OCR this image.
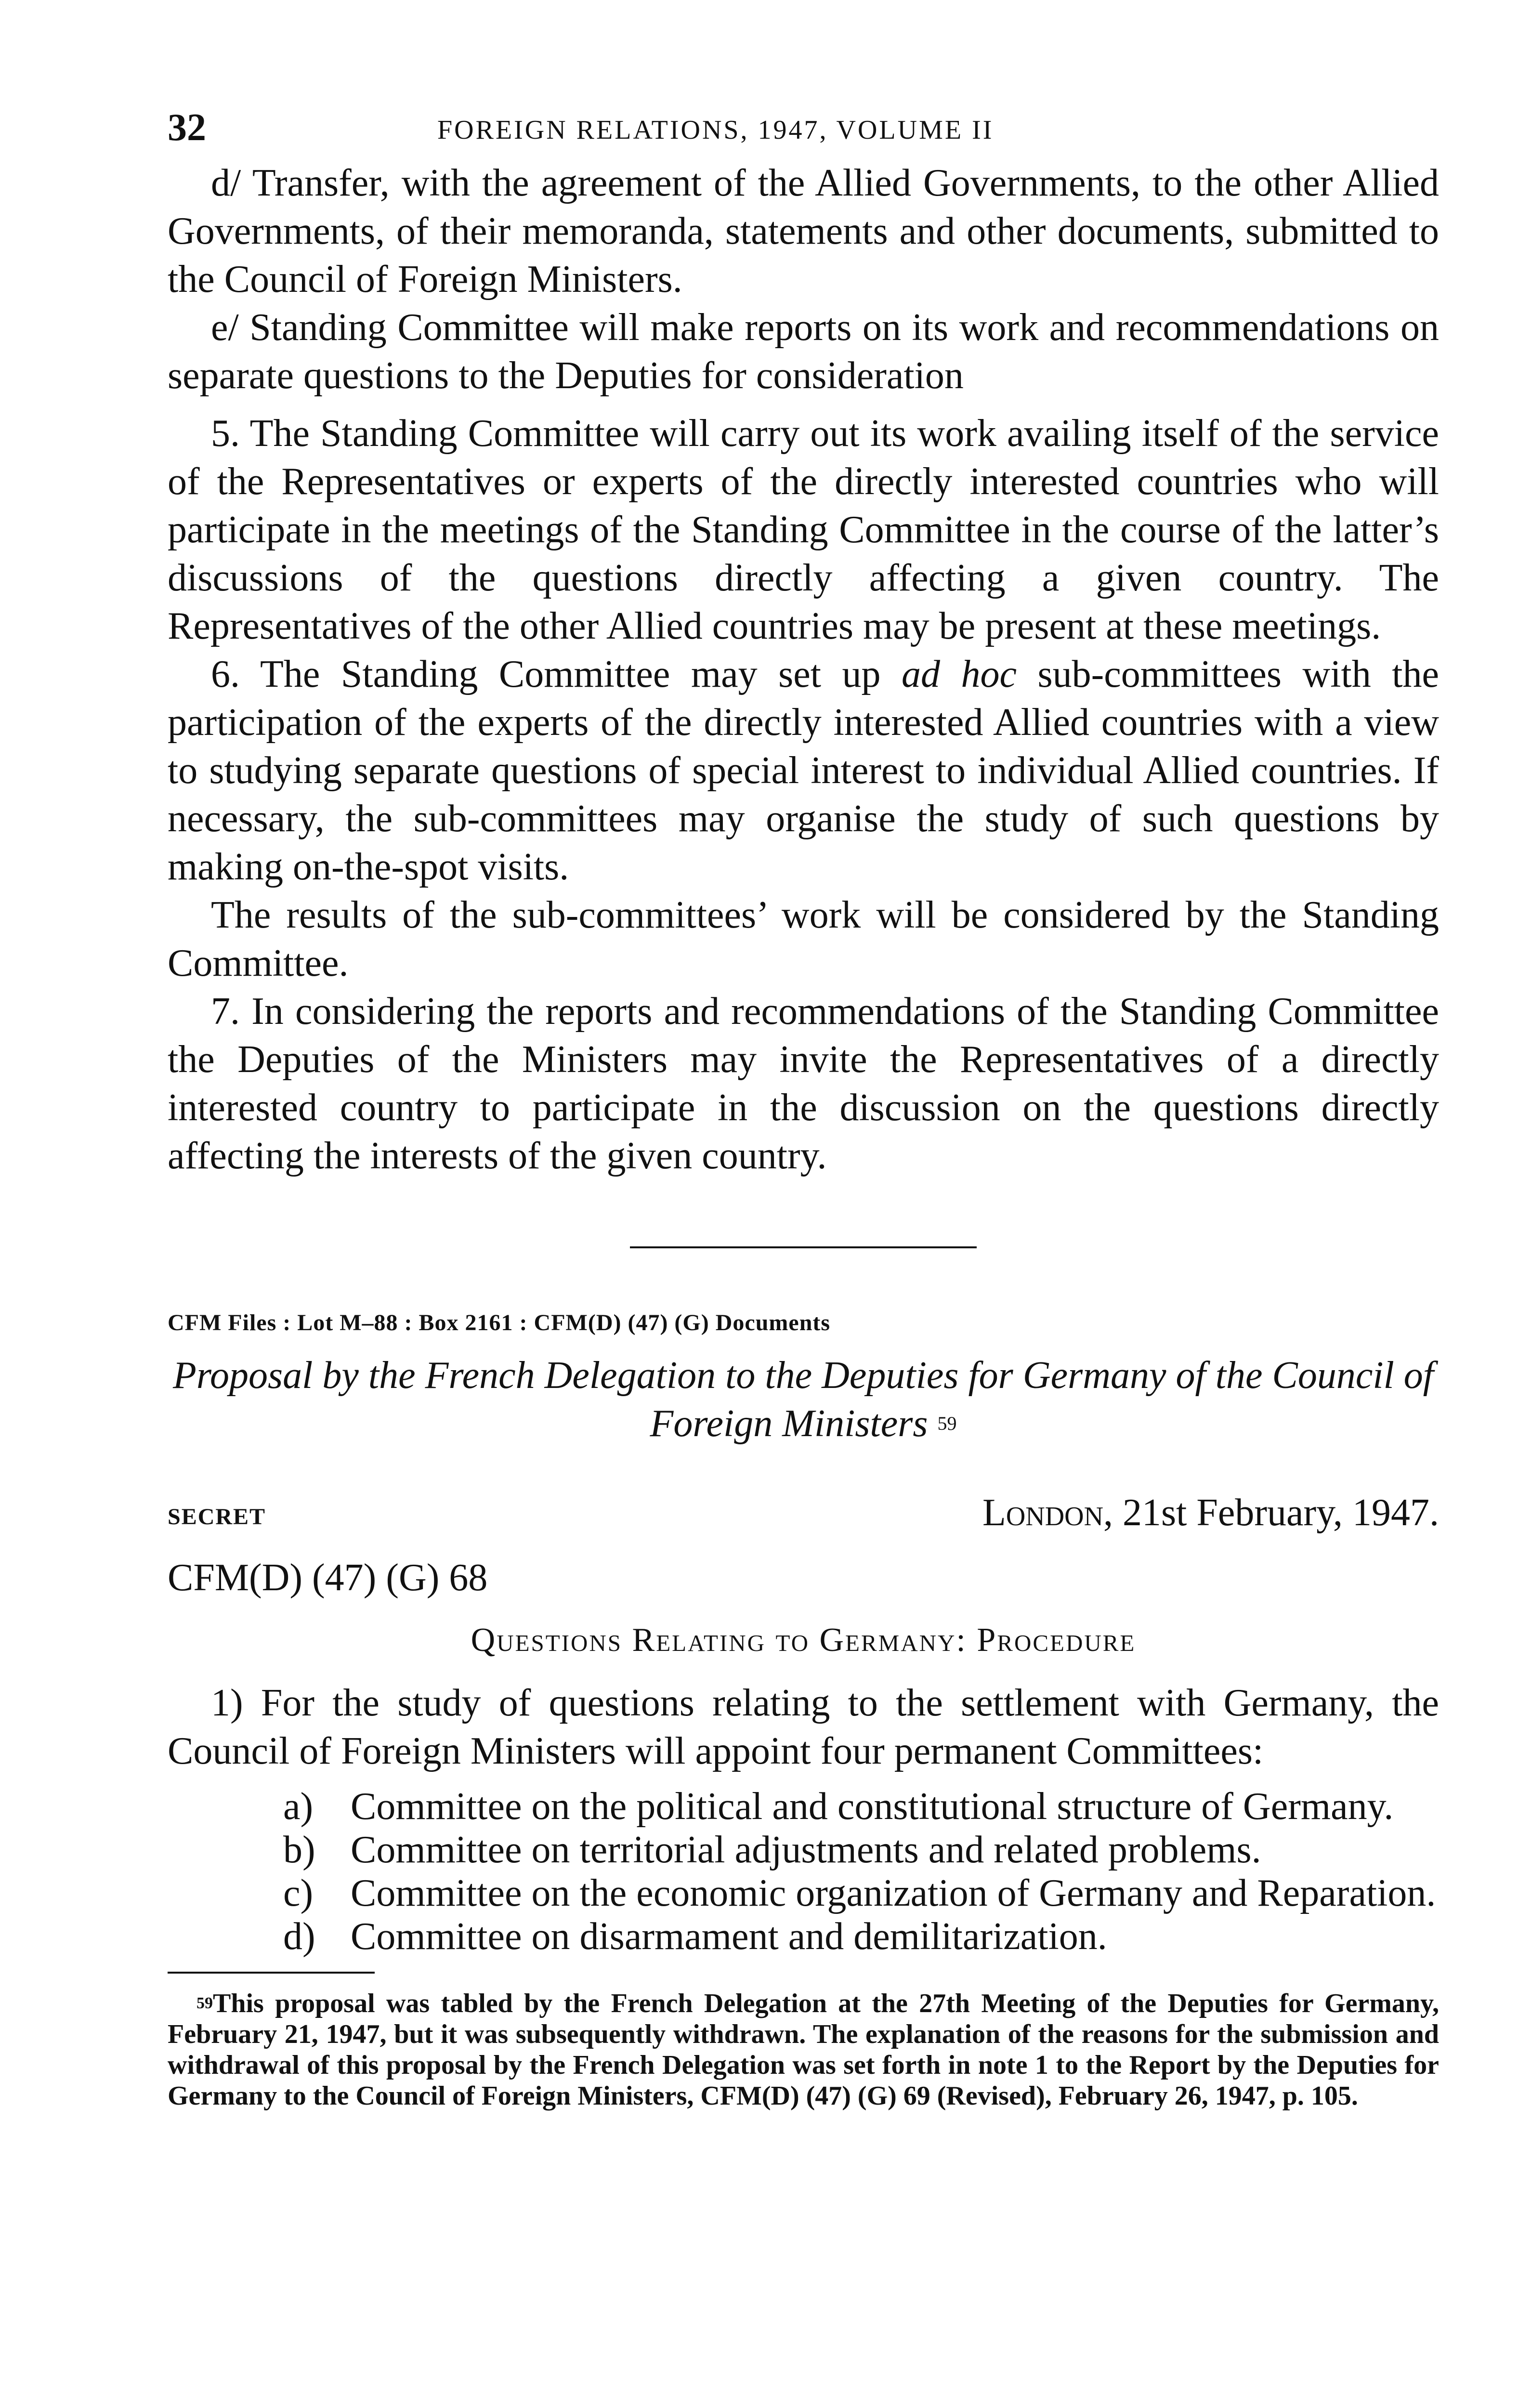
32	FOREIGN RELATIONS, 1947, VOLUME II

d/ Transfer, with the agreement of the Allied Governments, to the other Allied Governments, of their memoranda, statements and other documents, submitted to the Council of Foreign Ministers.

e/ Standing Committee will make reports on its work and recommendations on separate questions to the Deputies for consideration

5. The Standing Committee will carry out its work availing itself of the service of the Representatives or experts of the directly interested countries who will participate in the meetings of the Standing Committee in the course of the latter’s discussions of the questions directly affecting a given country. The Representatives of the other Allied countries may be present at these meetings.

6. The Standing Committee may set up ad hoc sub-committees with the participation of the experts of the directly interested Allied countries with a view to studying separate questions of special interest to individual Allied countries. If necessary, the sub-committees may organise the study of such questions by making on-the-spot visits.

The results of the sub-committees’ work will be considered by the Standing Committee.

7. In considering the reports and recommendations of the Standing Committee the Deputies of the Ministers may invite the Representatives of a directly interested country to participate in the discussion on the questions directly affecting the interests of the given country.

CFM Files : Lot M–88 : Box 2161 : CFM(D) (47) (G) Documents
Proposal by the French Delegation to the Deputies for Germany of the Council of Foreign Ministers $^{59}$
SECRET	London, 21st February, 1947.
CFM(D) (47) (G) 68
Questions Relating to Germany: Procedure

1) For the study of questions relating to the settlement with Germany, the Council of Foreign Ministers will appoint four permanent Committees:

a) Committee on the political and constitutional structure of Germany.
b) Committee on territorial adjustments and related problems.
c) Committee on the economic organization of Germany and Reparation.
d) Committee on disarmament and demilitarization.
$^{59}$This proposal was tabled by the French Delegation at the 27th Meeting of the Deputies for Germany, February 21, 1947, but it was subsequently withdrawn. The explanation of the reasons for the submission and withdrawal of this proposal by the French Delegation was set forth in note 1 to the Report by the Deputies for Germany to the Council of Foreign Ministers, CFM(D) (47) (G) 69 (Revised), February 26, 1947, p. 105.
